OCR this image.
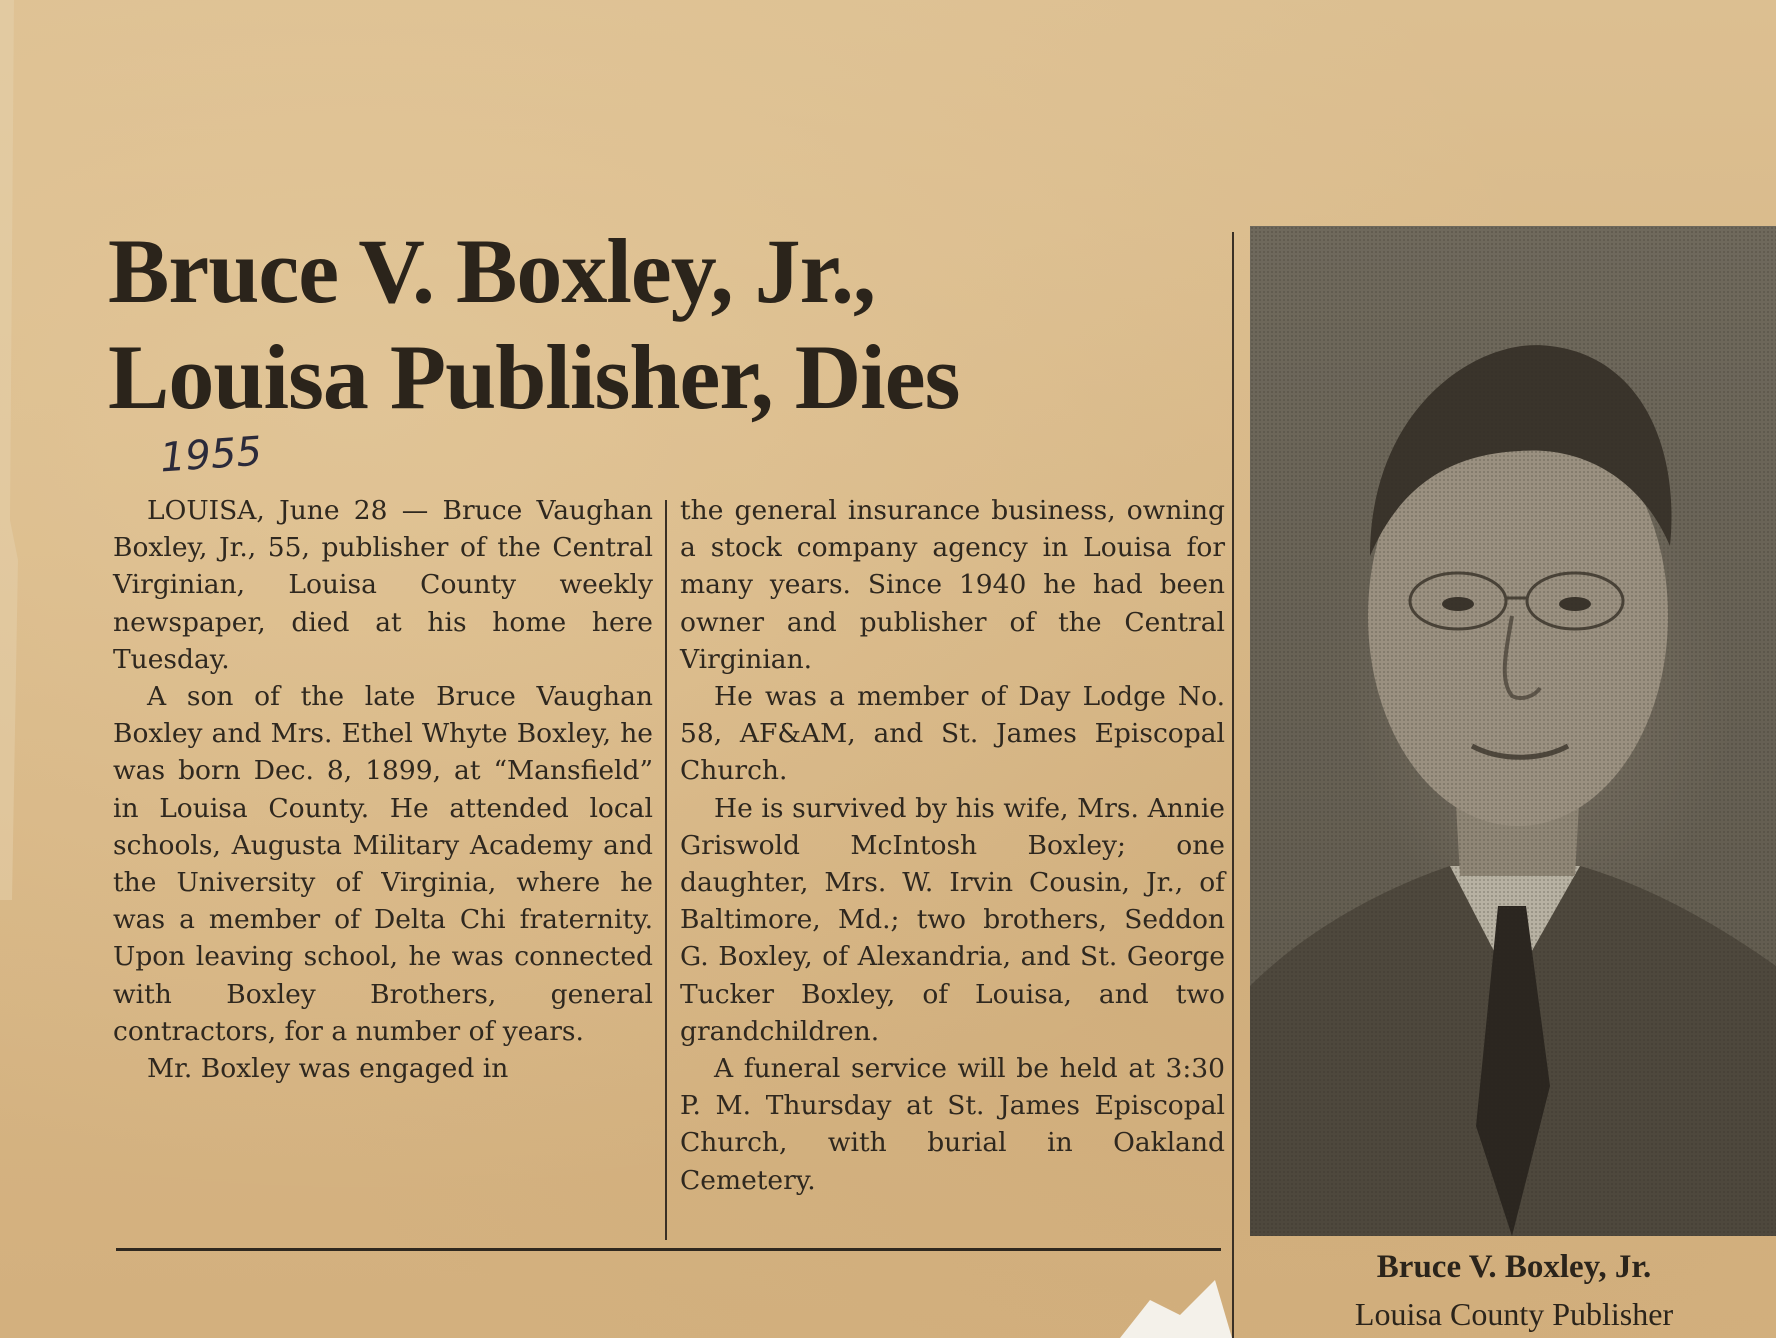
Bruce V. Boxley, Jr.,
Louisa Publisher, Dies
1955

LOUISA, June 28 — Bruce Vaughan Boxley, Jr., 55, publisher of the Central Virginian, Louisa County weekly newspaper, died at his home here Tuesday.

A son of the late Bruce Vaughan Boxley and Mrs. Ethel Whyte Boxley, he was born Dec. 8, 1899, at “Mansfield” in Louisa County. He attended local schools, Augusta Military Academy and the University of Virginia, where he was a member of Delta Chi fraternity. Upon leaving school, he was connected with Boxley Brothers, general contractors, for a number of years.

Mr. Boxley was engaged in

the general insurance business, owning a stock company agency in Louisa for many years. Since 1940 he had been owner and publisher of the Central Virginian.

He was a member of Day Lodge No. 58, AF&AM, and St. James Episcopal Church.

He is survived by his wife, Mrs. Annie Griswold McIntosh Boxley; one daughter, Mrs. W. Irvin Cousin, Jr., of Baltimore, Md.; two brothers, Seddon G. Boxley, of Alexandria, and St. George Tucker Boxley, of Louisa, and two grandchildren.

A funeral service will be held at 3:30 P. M. Thursday at St. James Episcopal Church, with burial in Oakland Cemetery.

Bruce V. Boxley, Jr.
Louisa County Publisher
